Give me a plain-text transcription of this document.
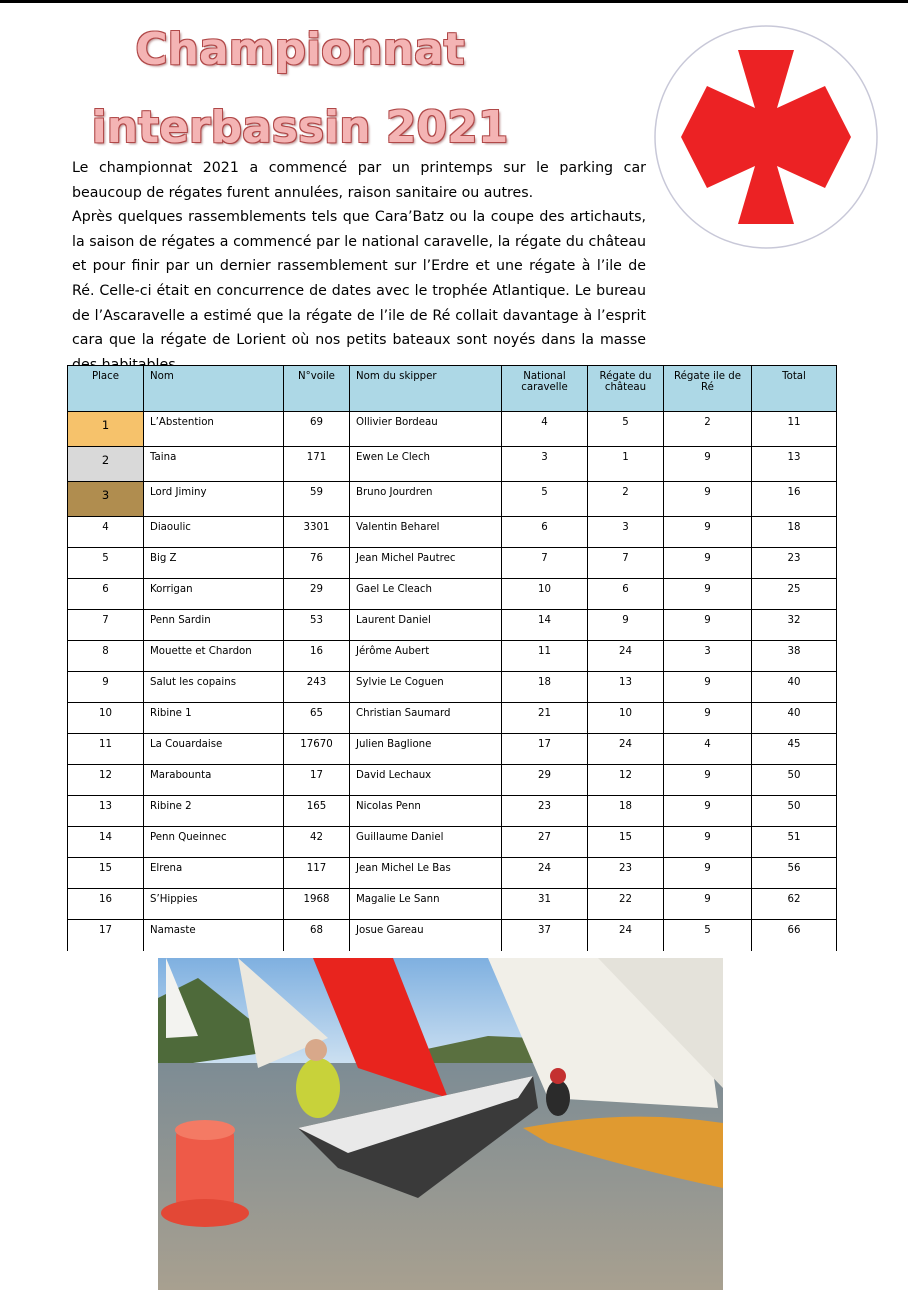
Championnat
interbassin 2021

Le championnat 2021 a commencé par un printemps sur le parking car beaucoup de régates furent annulées, raison sanitaire ou autres.

Après quelques rassemblements tels que Cara’Batz ou la coupe des artichauts, la saison de régates a commencé par le national caravelle, la régate du château et pour finir par un dernier rassemblement sur l’Erdre et une régate à l’ile de Ré. Celle-ci était en concurrence de dates avec le trophée Atlantique. Le bureau de l’Ascaravelle a estimé que la régate de l’ile de Ré collait davantage à l’esprit cara que la régate de Lorient où nos petits bateaux sont noyés dans la masse

Place	Nom	N°voile	Nom du skipper	National caravelle	Régate du château	Régate ile de Ré	Total
1	L’Abstention	69	Ollivier Bordeau	4	5	2	11
2	Taina	171	Ewen Le Clech	3	1	9	13
3	Lord Jiminy	59	Bruno Jourdren	5	2	9	16
4	Diaoulic	3301	Valentin Beharel	6	3	9	18
5	Big Z	76	Jean Michel Pautrec	7	7	9	23
6	Korrigan	29	Gael Le Cleach	10	6	9	25
7	Penn Sardin	53	Laurent Daniel	14	9	9	32
8	Mouette et Chardon	16	Jérôme Aubert	11	24	3	38
9	Salut les copains	243	Sylvie Le Coguen	18	13	9	40
10	Ribine 1	65	Christian Saumard	21	10	9	40
11	La Couardaise	17670	Julien Baglione	17	24	4	45
12	Marabounta	17	David Lechaux	29	12	9	50
13	Ribine 2	165	Nicolas Penn	23	18	9	50
14	Penn Queinnec	42	Guillaume Daniel	27	15	9	51
15	Elrena	117	Jean Michel Le Bas	24	23	9	56
16	S’Hippies	1968	Magalie Le Sann	31	22	9	62
17	Namaste	68	Josue Gareau	37	24	5	66
